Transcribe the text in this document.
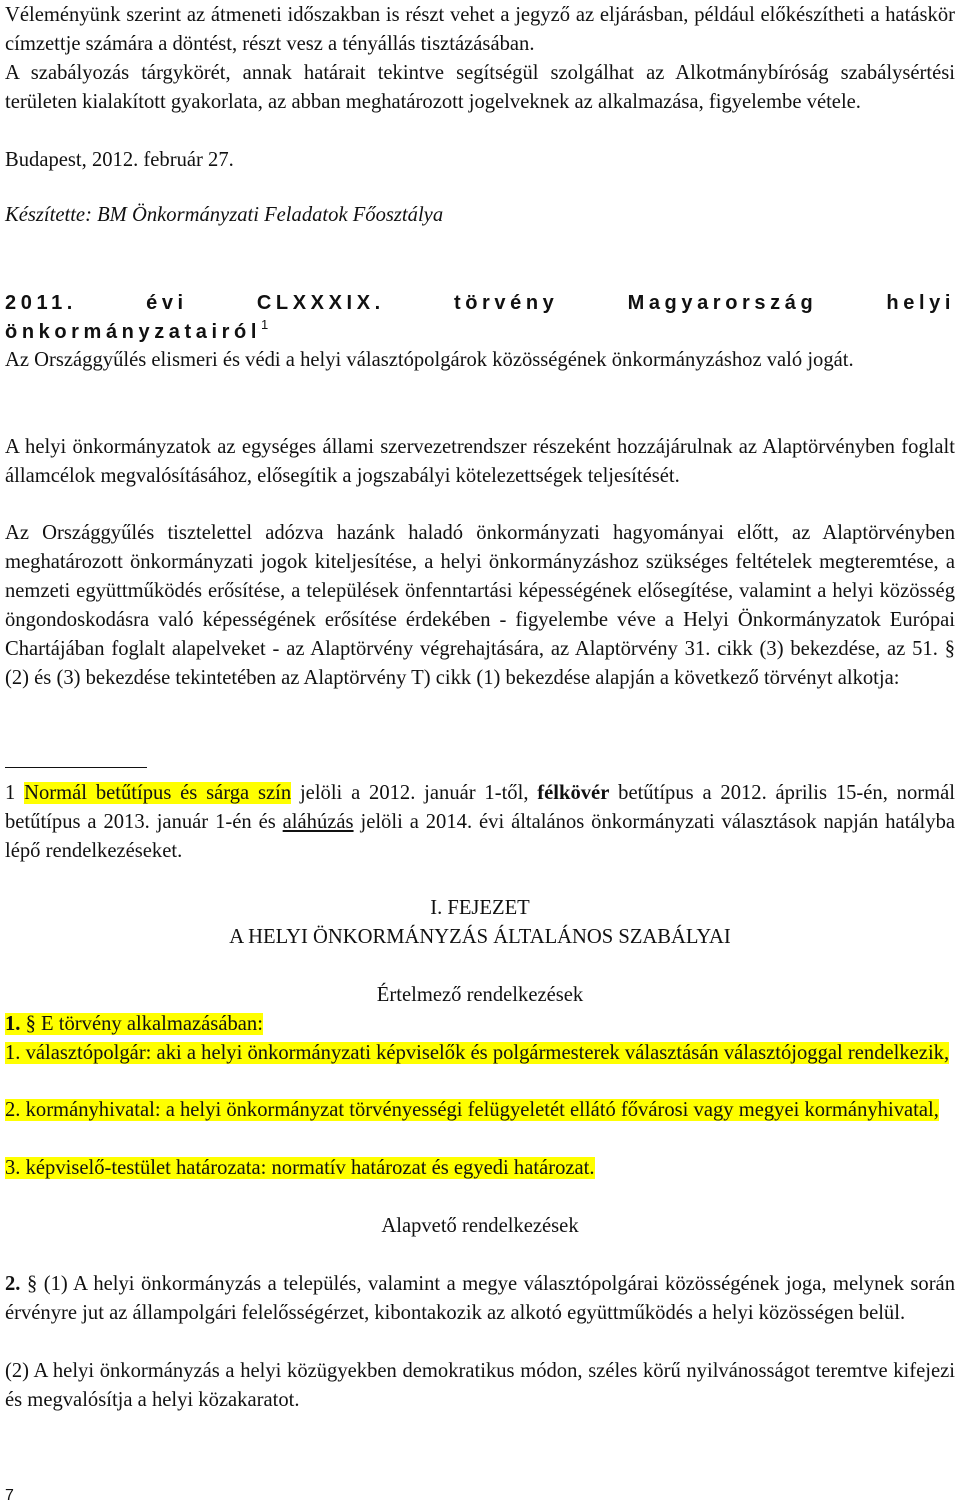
Véleményünk szerint az átmeneti időszakban is részt vehet a jegyző az eljárásban, például előkészítheti a hatáskör címzettje számára a döntést, részt vesz a tényállás tisztázásában.
A szabályozás tárgykörét, annak határait tekintve segítségül szolgálhat az Alkotmánybíróság szabálysértési területen kialakított gyakorlata, az abban meghatározott jogelveknek az alkalmazása, figyelembe vétele.
Budapest, 2012. február 27.
Készítette: BM Önkormányzati Feladatok Főosztálya
2011. évi CLXXXIX. törvény Magyarország helyi
önkormányzatairól$^1$
Az Országgyűlés elismeri és védi a helyi választópolgárok közösségének önkormányzáshoz való jogát.
A helyi önkormányzatok az egységes állami szervezetrendszer részeként hozzájárulnak az Alaptörvényben foglalt államcélok megvalósításához, elősegítik a jogszabályi kötelezettségek teljesítését.
Az Országgyűlés tisztelettel adózva hazánk haladó önkormányzati hagyományai előtt, az Alaptörvényben meghatározott önkormányzati jogok kiteljesítése, a helyi önkormányzáshoz szükséges feltételek megteremtése, a nemzeti együttműködés erősítése, a települések önfenntartási képességének elősegítése, valamint a helyi közösség öngondoskodásra való képességének erősítése érdekében - figyelembe véve a Helyi Önkormányzatok Európai Chartájában foglalt alapelveket - az Alaptörvény végrehajtására, az Alaptörvény 31. cikk (3) bekezdése, az 51. § (2) és (3) bekezdése tekintetében az Alaptörvény T) cikk (1) bekezdése alapján a következő törvényt alkotja:
1 Normál betűtípus és sárga szín jelöli a 2012. január 1-től, félkövér betűtípus a 2012. április 15-én, normál betűtípus a 2013. január 1-én és aláhúzás jelöli a 2014. évi általános önkormányzati választások napján hatályba lépő rendelkezéseket.
I. FEJEZET
A HELYI ÖNKORMÁNYZÁS ÁLTALÁNOS SZABÁLYAI
Értelmező rendelkezések
1. § E törvény alkalmazásában:
1. választópolgár: aki a helyi önkormányzati képviselők és polgármesterek választásán választójoggal rendelkezik,
2. kormányhivatal: a helyi önkormányzat törvényességi felügyeletét ellátó fővárosi vagy megyei kormányhivatal,
3. képviselő-testület határozata: normatív határozat és egyedi határozat.
Alapvető rendelkezések
2. § (1) A helyi önkormányzás a település, valamint a megye választópolgárai közösségének joga, melynek során érvényre jut az állampolgári felelősségérzet, kibontakozik az alkotó együttműködés a helyi közösségen belül.
(2) A helyi önkormányzás a helyi közügyekben demokratikus módon, széles körű nyilvánosságot teremtve kifejezi és megvalósítja a helyi közakaratot.
7
